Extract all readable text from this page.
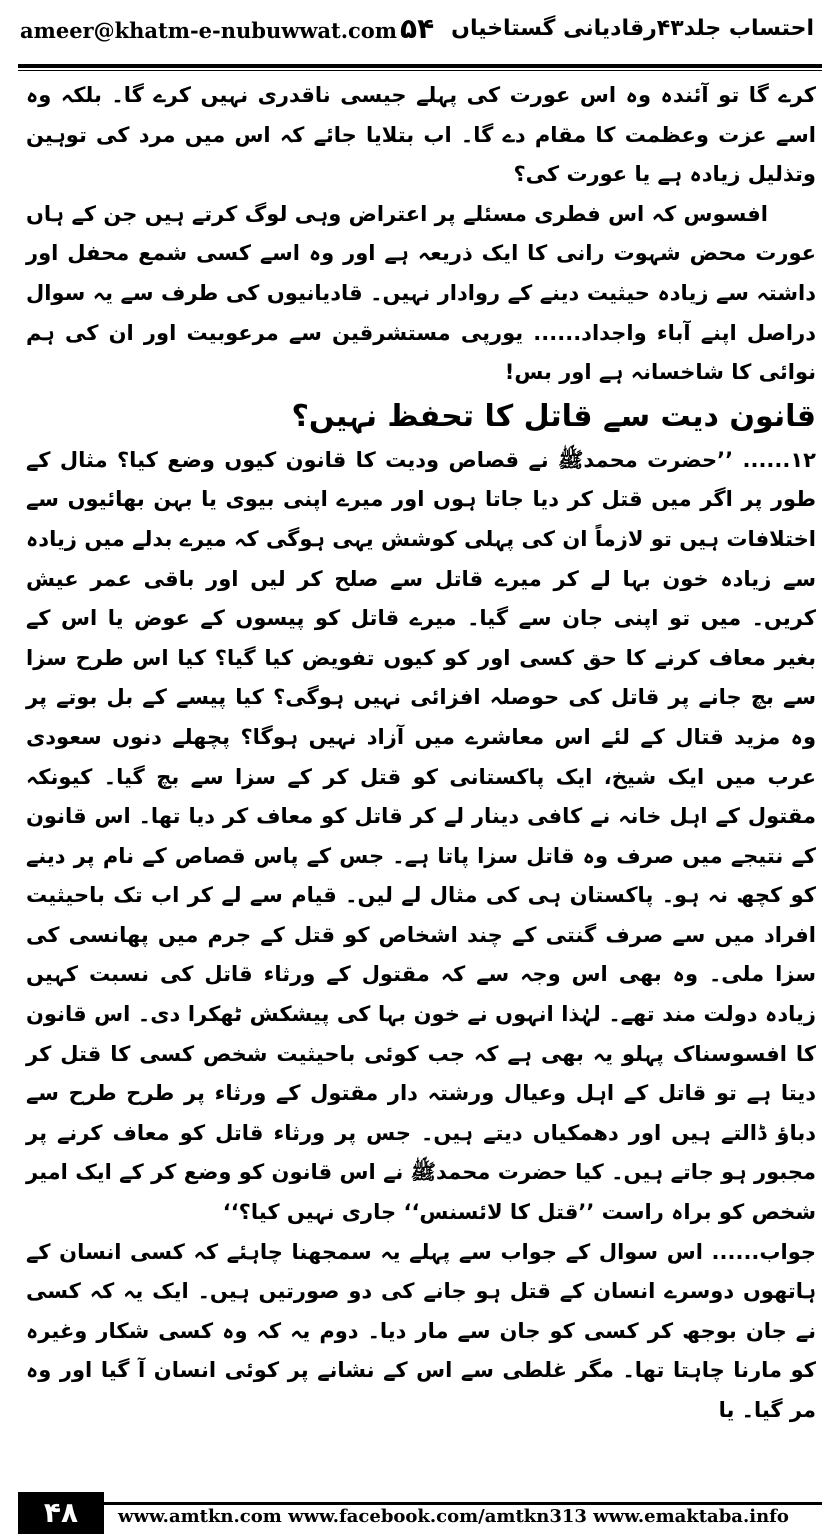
ameer@khatm-e-nubuwwat.com ۵۴ احتساب جلد۴۳رقادیانی گستاخیاں

کرے گا تو آئندہ وہ اس عورت کی پہلے جیسی ناقدری نہیں کرے گا۔ بلکہ وہ اسے عزت وعظمت کا مقام دے گا۔ اب بتلایا جائے کہ اس میں مرد کی توہین وتذلیل زیادہ ہے یا عورت کی؟

افسوس کہ اس فطری مسئلے پر اعتراض وہی لوگ کرتے ہیں جن کے ہاں عورت محض شہوت رانی کا ایک ذریعہ ہے اور وہ اسے کسی شمع محفل اور داشتہ سے زیادہ حیثیت دینے کے روادار نہیں۔ قادیانیوں کی طرف سے یہ سوال دراصل اپنے آباء واجداد...... یورپی مستشرقین سے مرعوبیت اور ان کی ہم نوائی کا شاخسانہ ہے اور بس!

قانون دیت سے قاتل کا تحفظ نہیں؟

۱۲...... ’’حضرت محمدﷺ نے قصاص ودیت کا قانون کیوں وضع کیا؟ مثال کے طور پر اگر میں قتل کر دیا جاتا ہوں اور میرے اپنی بیوی یا بہن بھائیوں سے اختلافات ہیں تو لازماً ان کی پہلی کوشش یہی ہوگی کہ میرے بدلے میں زیادہ سے زیادہ خون بہا لے کر میرے قاتل سے صلح کر لیں اور باقی عمر عیش کریں۔ میں تو اپنی جان سے گیا۔ میرے قاتل کو پیسوں کے عوض یا اس کے بغیر معاف کرنے کا حق کسی اور کو کیوں تفویض کیا گیا؟ کیا اس طرح سزا سے بچ جانے پر قاتل کی حوصلہ افزائی نہیں ہوگی؟ کیا پیسے کے بل بوتے پر وہ مزید قتال کے لئے اس معاشرے میں آزاد نہیں ہوگا؟ پچھلے دنوں سعودی عرب میں ایک شیخ، ایک پاکستانی کو قتل کر کے سزا سے بچ گیا۔ کیونکہ مقتول کے اہل خانہ نے کافی دینار لے کر قاتل کو معاف کر دیا تھا۔ اس قانون کے نتیجے میں صرف وہ قاتل سزا پاتا ہے۔ جس کے پاس قصاص کے نام پر دینے کو کچھ نہ ہو۔ پاکستان ہی کی مثال لے لیں۔ قیام سے لے کر اب تک باحیثیت افراد میں سے صرف گنتی کے چند اشخاص کو قتل کے جرم میں پھانسی کی سزا ملی۔ وہ بھی اس وجہ سے کہ مقتول کے ورثاء قاتل کی نسبت کہیں زیادہ دولت مند تھے۔ لہٰذا انہوں نے خون بہا کی پیشکش ٹھکرا دی۔ اس قانون کا افسوسناک پہلو یہ بھی ہے کہ جب کوئی باحیثیت شخص کسی کا قتل کر دیتا ہے تو قاتل کے اہل وعیال ورشتہ دار مقتول کے ورثاء پر طرح طرح سے دباؤ ڈالتے ہیں اور دھمکیاں دیتے ہیں۔ جس پر ورثاء قاتل کو معاف کرنے پر مجبور ہو جاتے ہیں۔ کیا حضرت محمدﷺ نے اس قانون کو وضع کر کے ایک امیر شخص کو براہ راست ’’قتل کا لائسنس‘‘ جاری نہیں کیا؟‘‘

جواب...... اس سوال کے جواب سے پہلے یہ سمجھنا چاہئے کہ کسی انسان کے ہاتھوں دوسرے انسان کے قتل ہو جانے کی دو صورتیں ہیں۔ ایک یہ کہ کسی نے جان بوجھ کر کسی کو جان سے مار دیا۔ دوم یہ کہ وہ کسی شکار وغیرہ کو مارنا چاہتا تھا۔ مگر غلطی سے اس کے نشانے پر کوئی انسان آ گیا اور وہ مر گیا۔ یا

۴۸	www.amtkn.com www.facebook.com/amtkn313 www.emaktaba.info
